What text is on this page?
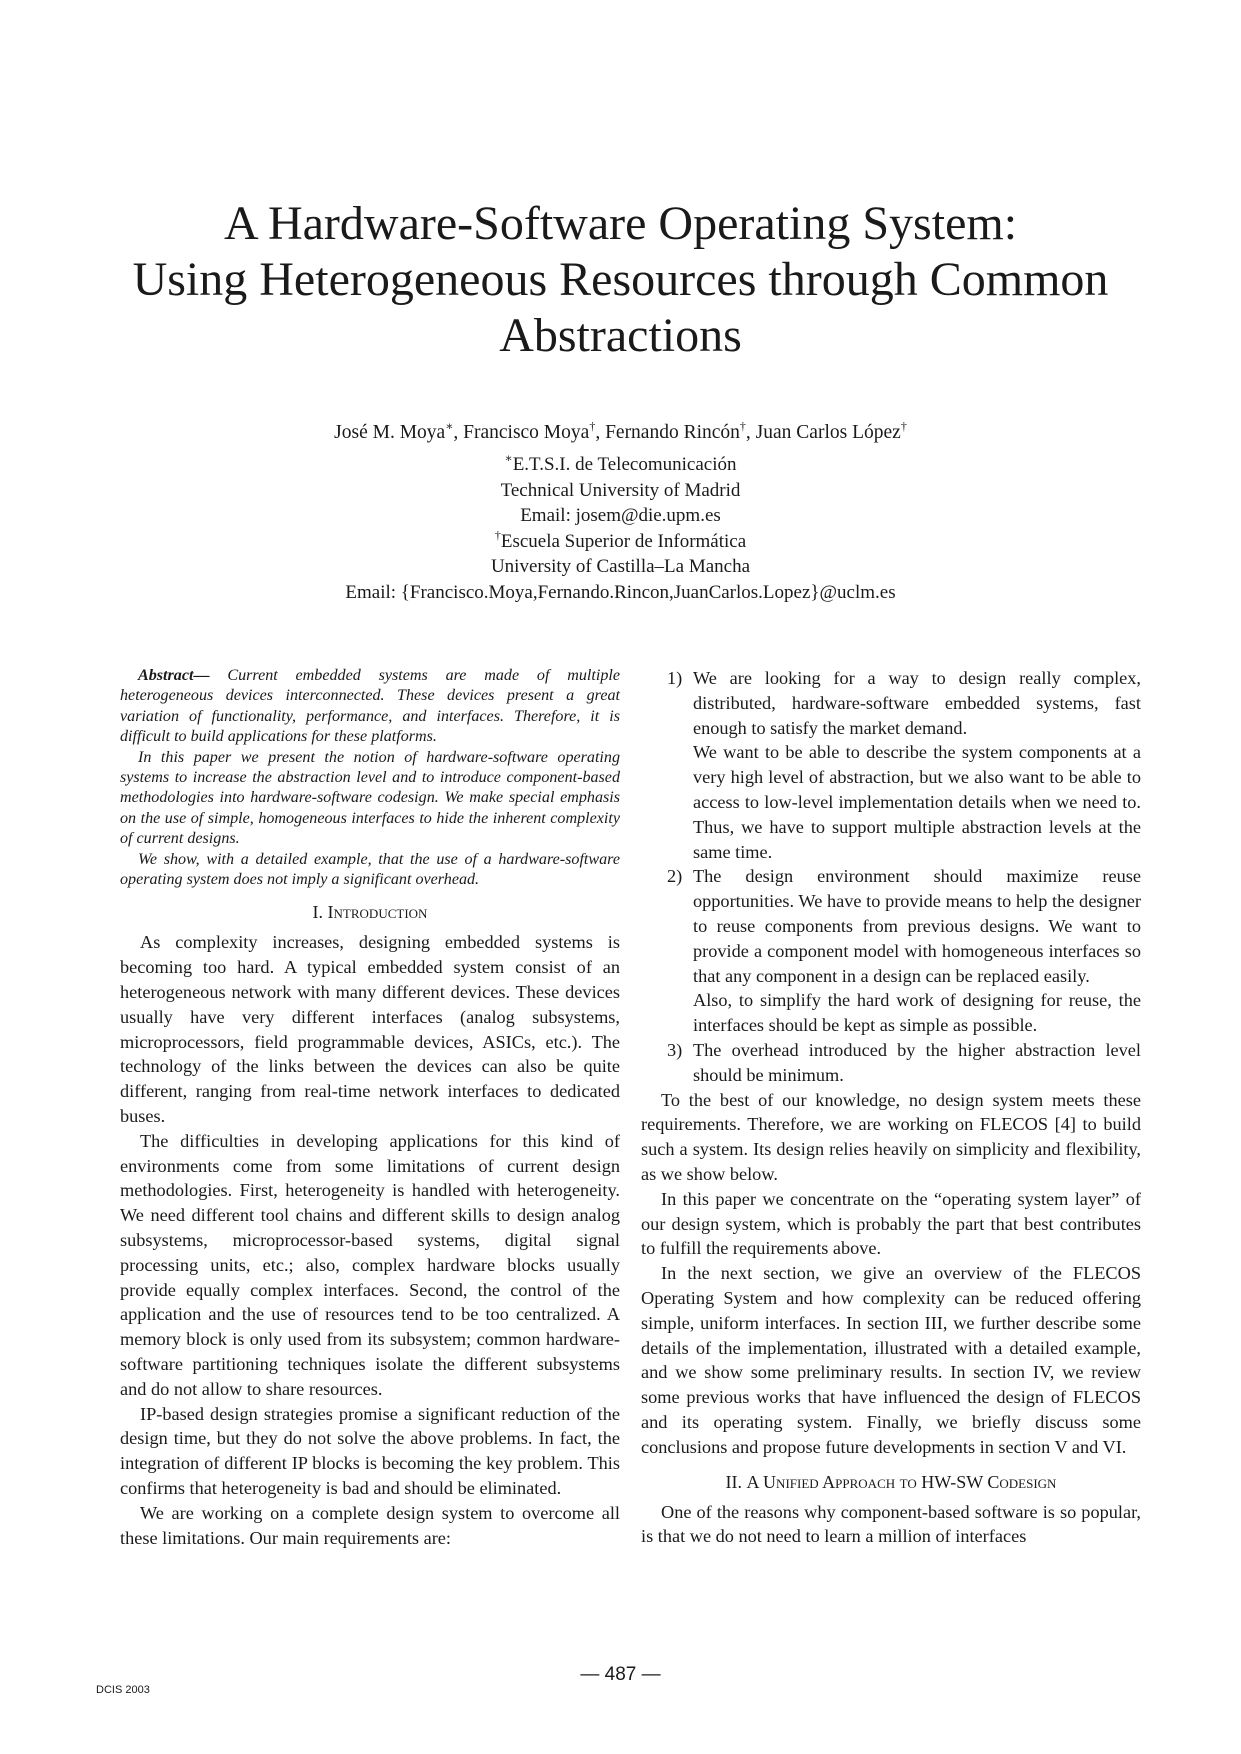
A Hardware-Software Operating System:
Using Heterogeneous Resources through Common
Abstractions
José M. Moya∗, Francisco Moya†, Fernando Rincón†, Juan Carlos López†
∗E.T.S.I. de Telecomunicación
Technical University of Madrid
Email: josem@die.upm.es
†Escuela Superior de Informática
University of Castilla–La Mancha
Email: {Francisco.Moya,Fernando.Rincon,JuanCarlos.Lopez}@uclm.es

Abstract— Current embedded systems are made of multiple heterogeneous devices interconnected. These devices present a great variation of functionality, performance, and interfaces. Therefore, it is difficult to build applications for these platforms.

In this paper we present the notion of hardware-software operating systems to increase the abstraction level and to introduce component-based methodologies into hardware-software codesign. We make special emphasis on the use of simple, homogeneous interfaces to hide the inherent complexity of current designs.

We show, with a detailed example, that the use of a hardware-software operating system does not imply a significant overhead.

I. Introduction

As complexity increases, designing embedded systems is becoming too hard. A typical embedded system consist of an heterogeneous network with many different devices. These devices usually have very different interfaces (analog subsystems, microprocessors, field programmable devices, ASICs, etc.). The technology of the links between the devices can also be quite different, ranging from real-time network interfaces to dedicated buses.

The difficulties in developing applications for this kind of environments come from some limitations of current design methodologies. First, heterogeneity is handled with heterogeneity. We need different tool chains and different skills to design analog subsystems, microprocessor-based systems, digital signal processing units, etc.; also, complex hardware blocks usually provide equally complex interfaces. Second, the control of the application and the use of resources tend to be too centralized. A memory block is only used from its subsystem; common hardware-software partitioning techniques isolate the different subsystems and do not allow to share resources.

IP-based design strategies promise a significant reduction of the design time, but they do not solve the above problems. In fact, the integration of different IP blocks is becoming the key problem. This confirms that heterogeneity is bad and should be eliminated.

We are working on a complete design system to overcome all these limitations. Our main requirements are:

1) We are looking for a way to design really complex, distributed, hardware-software embedded systems, fast enough to satisfy the market demand.

We want to be able to describe the system components at a very high level of abstraction, but we also want to be able to access to low-level implementation details when we need to. Thus, we have to support multiple abstraction levels at the same time.

2) The design environment should maximize reuse opportunities. We have to provide means to help the designer to reuse components from previous designs. We want to provide a component model with homogeneous interfaces so that any component in a design can be replaced easily.

Also, to simplify the hard work of designing for reuse, the interfaces should be kept as simple as possible.

3) The overhead introduced by the higher abstraction level should be minimum.

To the best of our knowledge, no design system meets these requirements. Therefore, we are working on FLECOS [4] to build such a system. Its design relies heavily on simplicity and flexibility, as we show below.

In this paper we concentrate on the “operating system layer” of our design system, which is probably the part that best contributes to fulfill the requirements above.

In the next section, we give an overview of the FLECOS Operating System and how complexity can be reduced offering simple, uniform interfaces. In section III, we further describe some details of the implementation, illustrated with a detailed example, and we show some preliminary results. In section IV, we review some previous works that have influenced the design of FLECOS and its operating system. Finally, we briefly discuss some conclusions and propose future developments in section V and VI.

II. A Unified Approach to HW-SW Codesign

One of the reasons why component-based software is so popular, is that we do not need to learn a million of interfaces

— 487 —
DCIS 2003
